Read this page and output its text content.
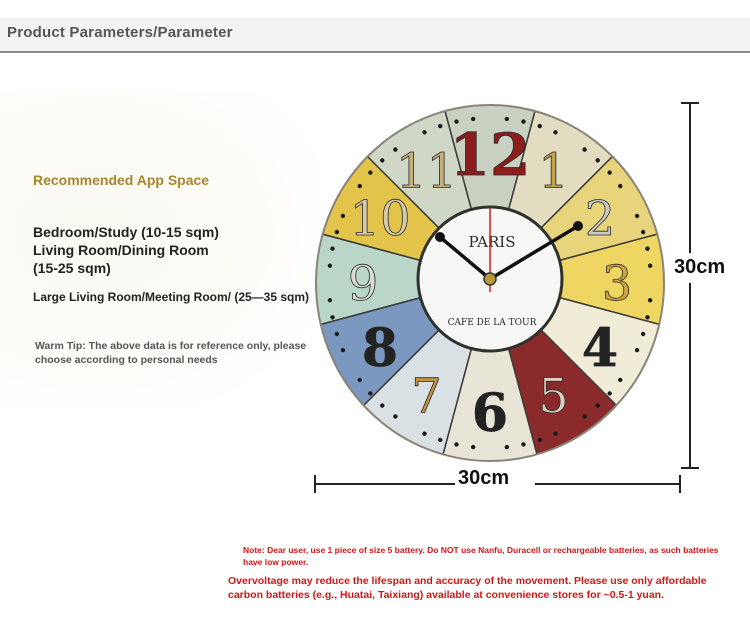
Product Parameters/Parameter
Recommended App Space
Bedroom/Study (10-15 sqm) Living Room/Dining Room (15-25 sqm)
Large Living Room/Meeting Room/ (25—35 sqm)
Warm Tip: The above data is for reference only, please choose according to personal needs
30cm
30cm
12 1
2
3
4
5
6
7
8
9
10
11
PARIS
CAFE DE LA TOUR
Note: Dear user, use 1 piece of size 5 battery. Do NOT use Nanfu, Duracell or rechargeable batteries, as such batteries have low power.
Overvoltage may reduce the lifespan and accuracy of the movement. Please use only affordable carbon batteries (e.g., Huatai, Taixiang) available at convenience stores for ~0.5-1 yuan.
